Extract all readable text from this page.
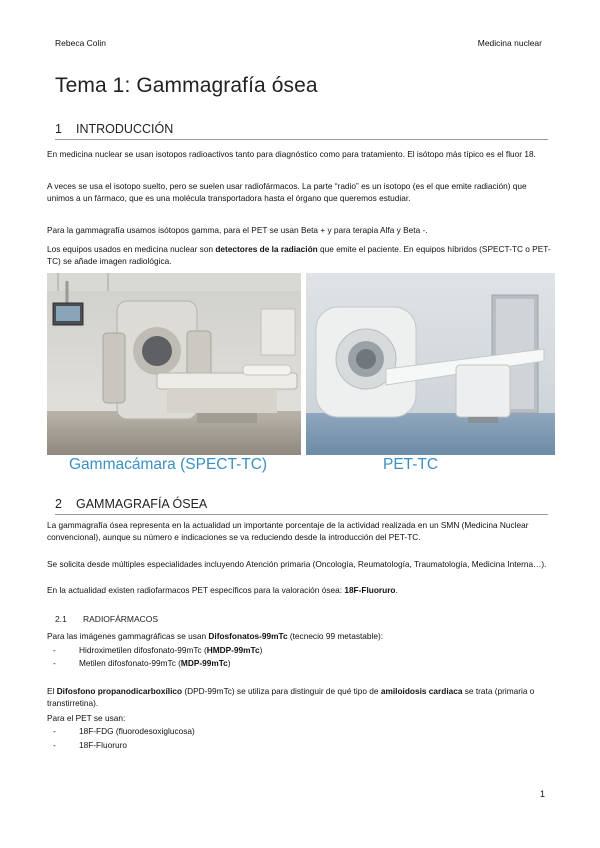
Rebeca Colin	Medicina nuclear
Tema 1: Gammagrafía ósea
1 INTRODUCCIÓN

En medicina nuclear se usan isotopos radioactivos tanto para diagnóstico como para tratamiento. El isótopo más típico es el fluor 18.

A veces se usa el isotopo suelto, pero se suelen usar radiofármacos. La parte “radio” es un isotopo (es el que emite radiación) que unimos a un fármaco, que es una molécula transportadora hasta el órgano que queremos estudiar.

Para la gammagrafía usamos isótopos gamma, para el PET se usan Beta + y para terapia Alfa y Beta -.

Los equipos usados en medicina nuclear son detectores de la radiación que emite el paciente. En equipos híbridos (SPECT-TC o PET-TC) se añade imagen radiológica.

Gammacámara (SPECT-TC)	PET-TC
2 GAMMAGRAFÍA ÓSEA

La gammagrafía ósea representa en la actualidad un importante porcentaje de la actividad realizada en un SMN (Medicina Nuclear convencional), aunque su número e indicaciones se va reduciendo desde la introducción del PET-TC.

Se solicita desde múltiples especialidades incluyendo Atención primaria (Oncología, Reumatología, Traumatología, Medicina Interna…).

En la actualidad existen radiofarmacos PET específicos para la valoración ósea: 18F-Fluoruro.

2.1 RADIOFÁRMACOS

Para las imágenes gammagráficas se usan Difosfonatos-99mTc (tecnecio 99 metastable):

-	Hidroximetilen difosfonato-99mTc (HMDP-99mTc)
-	Metilen difosfonato-99mTc (MDP-99mTc)

El Difosfono propanodicarboxílico (DPD-99mTc) se utiliza para distinguir de qué tipo de amiloidosis cardiaca se trata (primaria o transtirretina).

Para el PET se usan:

-	18F-FDG (fluorodesoxiglucosa)
-	18F-Fluoruro
1
